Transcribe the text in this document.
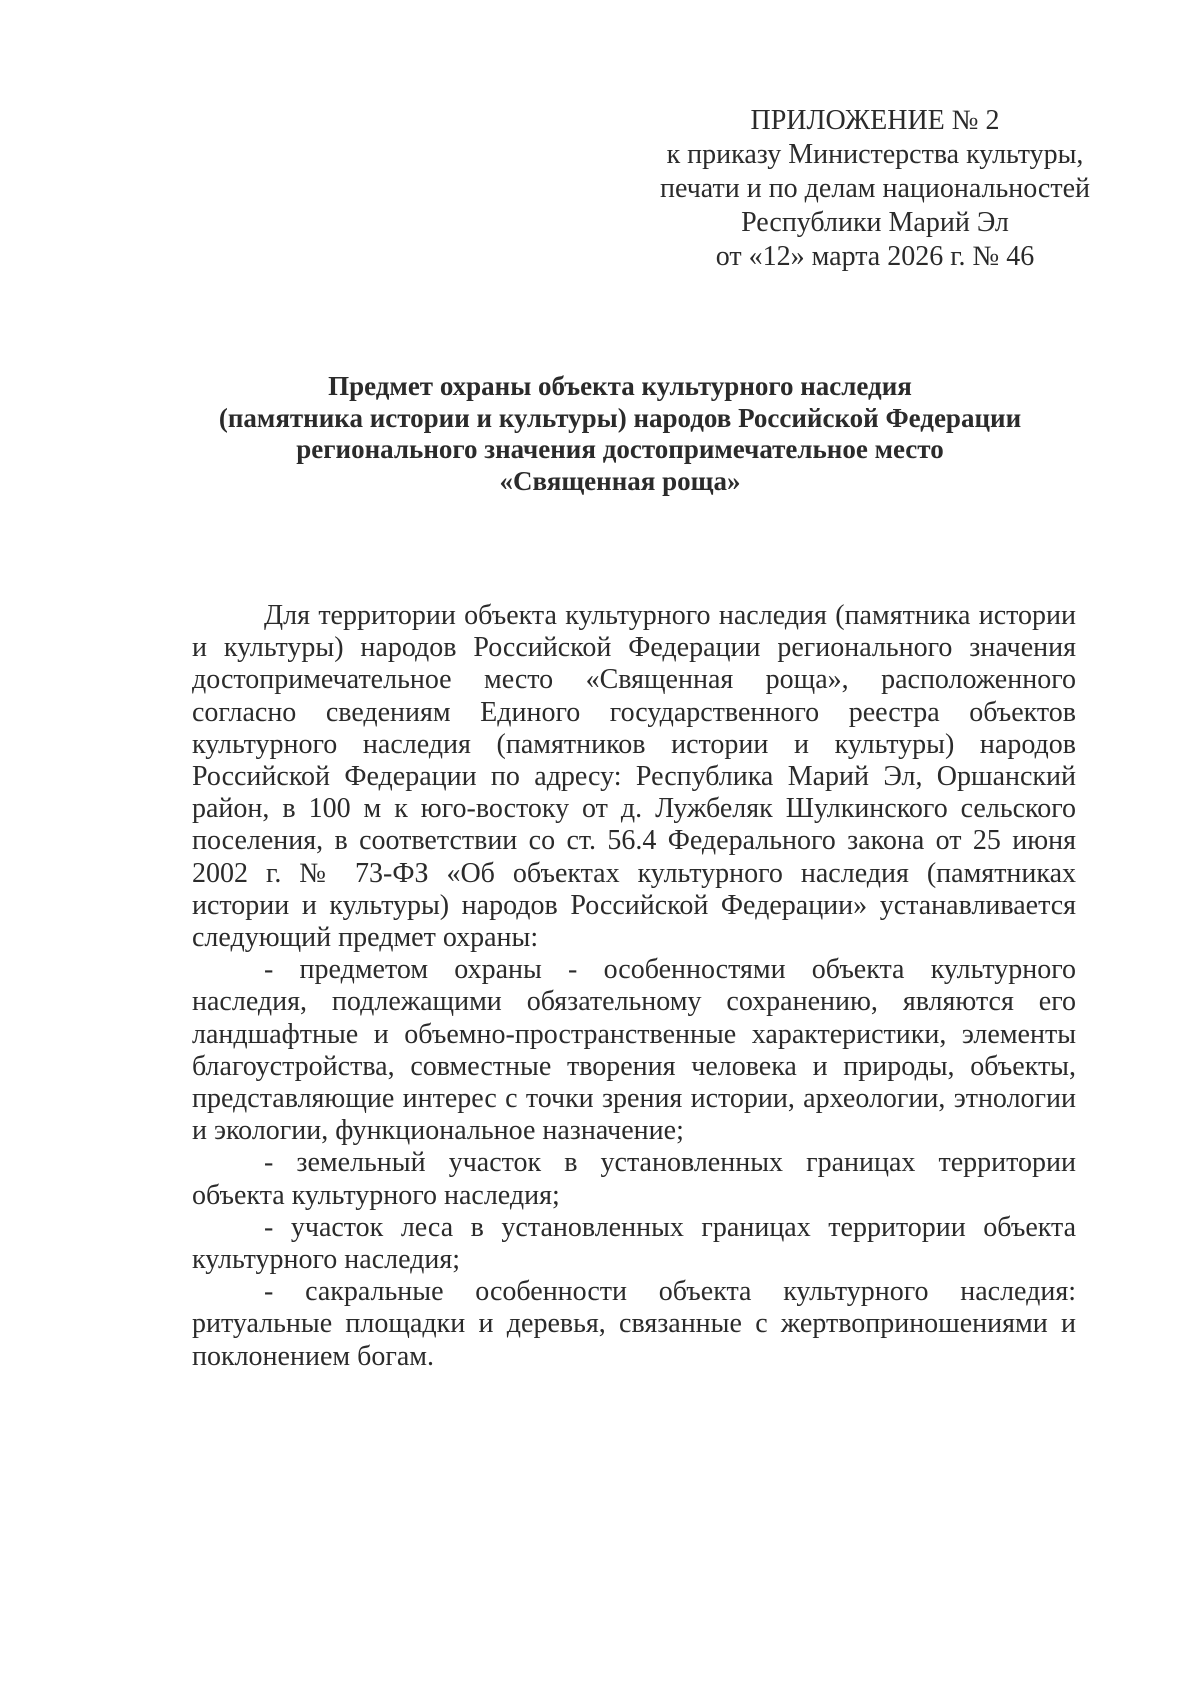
ПРИЛОЖЕНИЕ № 2
к приказу Министерства культуры,
печати и по делам национальностей
Республики Марий Эл
от «12» марта 2026 г. № 46
Предмет охраны объекта культурного наследия
(памятника истории и культуры) народов Российской Федерации
регионального значения достопримечательное место
«Священная роща»

Для территории объекта культурного наследия (памятника истории и культуры) народов Российской Федерации регионального значения достопримечательное место «Священная роща», расположенного согласно сведениям Единого государственного реестра объектов культурного наследия (памятников истории и культуры) народов Российской Федерации по адресу: Республика Марий Эл, Оршанский район, в 100 м к юго-востоку от д. Лужбеляк Шулкинского сельского поселения, в соответствии со ст. 56.4 Федерального закона от 25 июня 2002 г. № 73-ФЗ «Об объектах культурного наследия (памятниках истории и культуры) народов Российской Федерации» устанавливается следующий предмет охраны:

- предметом охраны - особенностями объекта культурного наследия, подлежащими обязательному сохранению, являются его ландшафтные и объемно-пространственные характеристики, элементы благоустройства, совместные творения человека и природы, объекты, представляющие интерес с точки зрения истории, археологии, этнологии и экологии, функциональное назначение;

- земельный участок в установленных границах территории объекта культурного наследия;

- участок леса в установленных границах территории объекта культурного наследия;

- сакральные особенности объекта культурного наследия: ритуальные площадки и деревья, связанные с жертвоприношениями и поклонением богам.
